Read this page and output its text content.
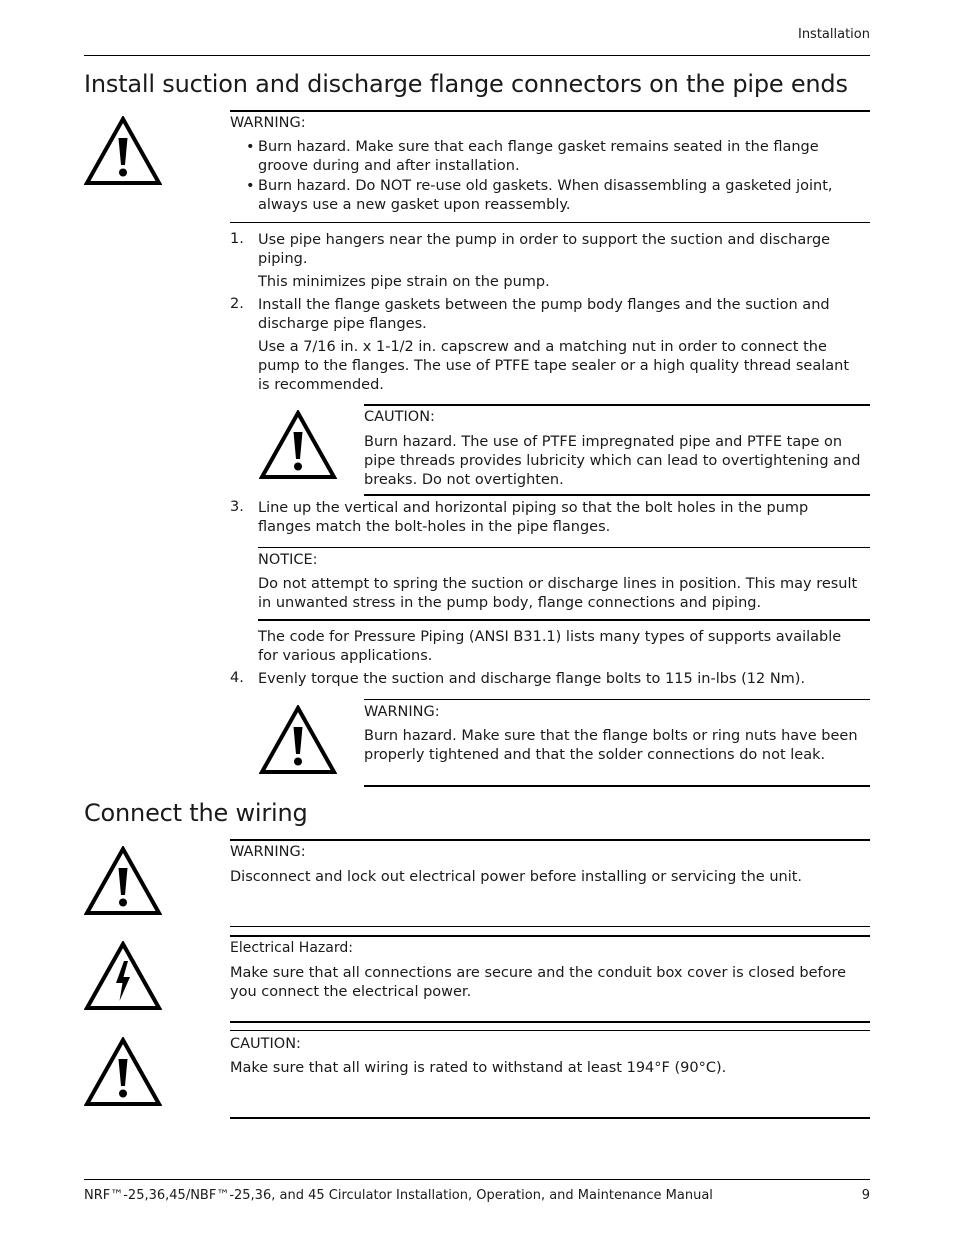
Installation
Install suction and discharge flange connectors on the pipe ends
WARNING:
• Burn hazard. Make sure that each flange gasket remains seated in the flange groove during and after installation.
• Burn hazard. Do NOT re-use old gaskets. When disassembling a gasketed joint, always use a new gasket upon reassembly.
1. Use pipe hangers near the pump in order to support the suction and discharge piping.
This minimizes pipe strain on the pump.
2. Install the flange gaskets between the pump body flanges and the suction and discharge pipe flanges.
Use a 7/16 in. x 1-1/2 in. capscrew and a matching nut in order to connect the pump to the flanges. The use of PTFE tape sealer or a high quality thread sealant is recommended.
CAUTION:
Burn hazard. The use of PTFE impregnated pipe and PTFE tape on pipe threads provides lubricity which can lead to overtightening and breaks. Do not overtighten.
3. Line up the vertical and horizontal piping so that the bolt holes in the pump flanges match the bolt-holes in the pipe flanges.
NOTICE:
Do not attempt to spring the suction or discharge lines in position. This may result in unwanted stress in the pump body, flange connections and piping.
The code for Pressure Piping (ANSI B31.1) lists many types of supports available for various applications.
4. Evenly torque the suction and discharge flange bolts to 115 in-lbs (12 Nm).
WARNING:
Burn hazard. Make sure that the flange bolts or ring nuts have been properly tightened and that the solder connections do not leak.
Connect the wiring
WARNING:
Disconnect and lock out electrical power before installing or servicing the unit.
Electrical Hazard:
Make sure that all connections are secure and the conduit box cover is closed before you connect the electrical power.
CAUTION:
Make sure that all wiring is rated to withstand at least 194°F (90°C).
NRF™-25,36,45/NBF™-25,36, and 45 Circulator Installation, Operation, and Maintenance Manual	9
